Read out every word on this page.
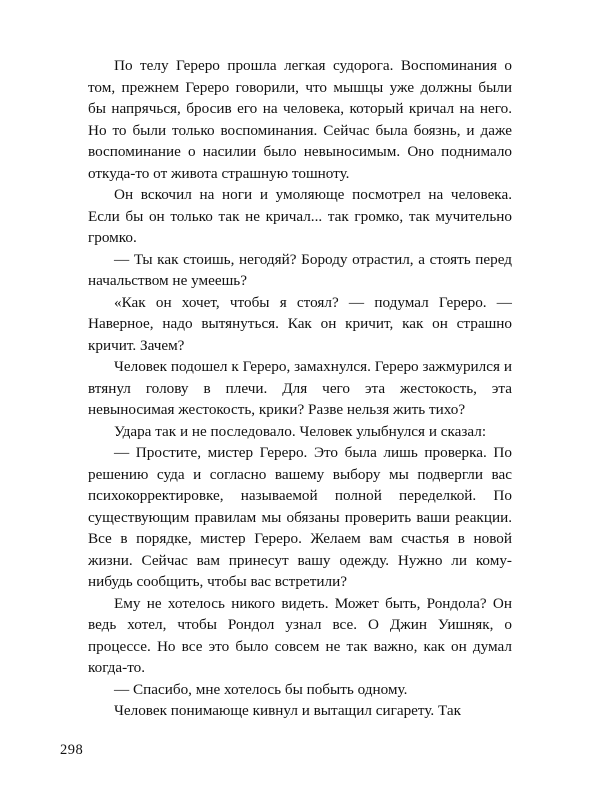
По телу Гереро прошла легкая судорога. Воспоминания о том, прежнем Гереро говорили, что мышцы уже должны были бы напрячься, бросив его на человека, который кричал на него. Но то были только воспоминания. Сейчас была боязнь, и даже воспоминание о насилии было невыносимым. Оно поднимало откуда-то от живота страшную тошноту.

Он вскочил на ноги и умоляюще посмотрел на человека. Если бы он только так не кричал... так громко, так мучительно громко.

— Ты как стоишь, негодяй? Бороду отрастил, а стоять перед начальством не умеешь?

«Как он хочет, чтобы я стоял? — подумал Гереро. — Наверное, надо вытянуться. Как он кричит, как он страшно кричит. Зачем?

Человек подошел к Гереро, замахнулся. Гереро зажмурился и втянул голову в плечи. Для чего эта жестокость, эта невыносимая жестокость, крики? Разве нельзя жить тихо?

Удара так и не последовало. Человек улыбнулся и сказал:

— Простите, мистер Гереро. Это была лишь проверка. По решению суда и согласно вашему выбору мы подвергли вас психокорректировке, называемой полной переделкой. По существующим правилам мы обязаны проверить ваши реакции. Все в порядке, мистер Гереро. Желаем вам счастья в новой жизни. Сейчас вам принесут вашу одежду. Нужно ли кому-нибудь сообщить, чтобы вас встретили?

Ему не хотелось никого видеть. Может быть, Рондола? Он ведь хотел, чтобы Рондол узнал все. О Джин Уишняк, о процессе. Но все это было совсем не так важно, как он думал когда-то.

— Спасибо, мне хотелось бы побыть одному.

Человек понимающе кивнул и вытащил сигарету. Так

298
